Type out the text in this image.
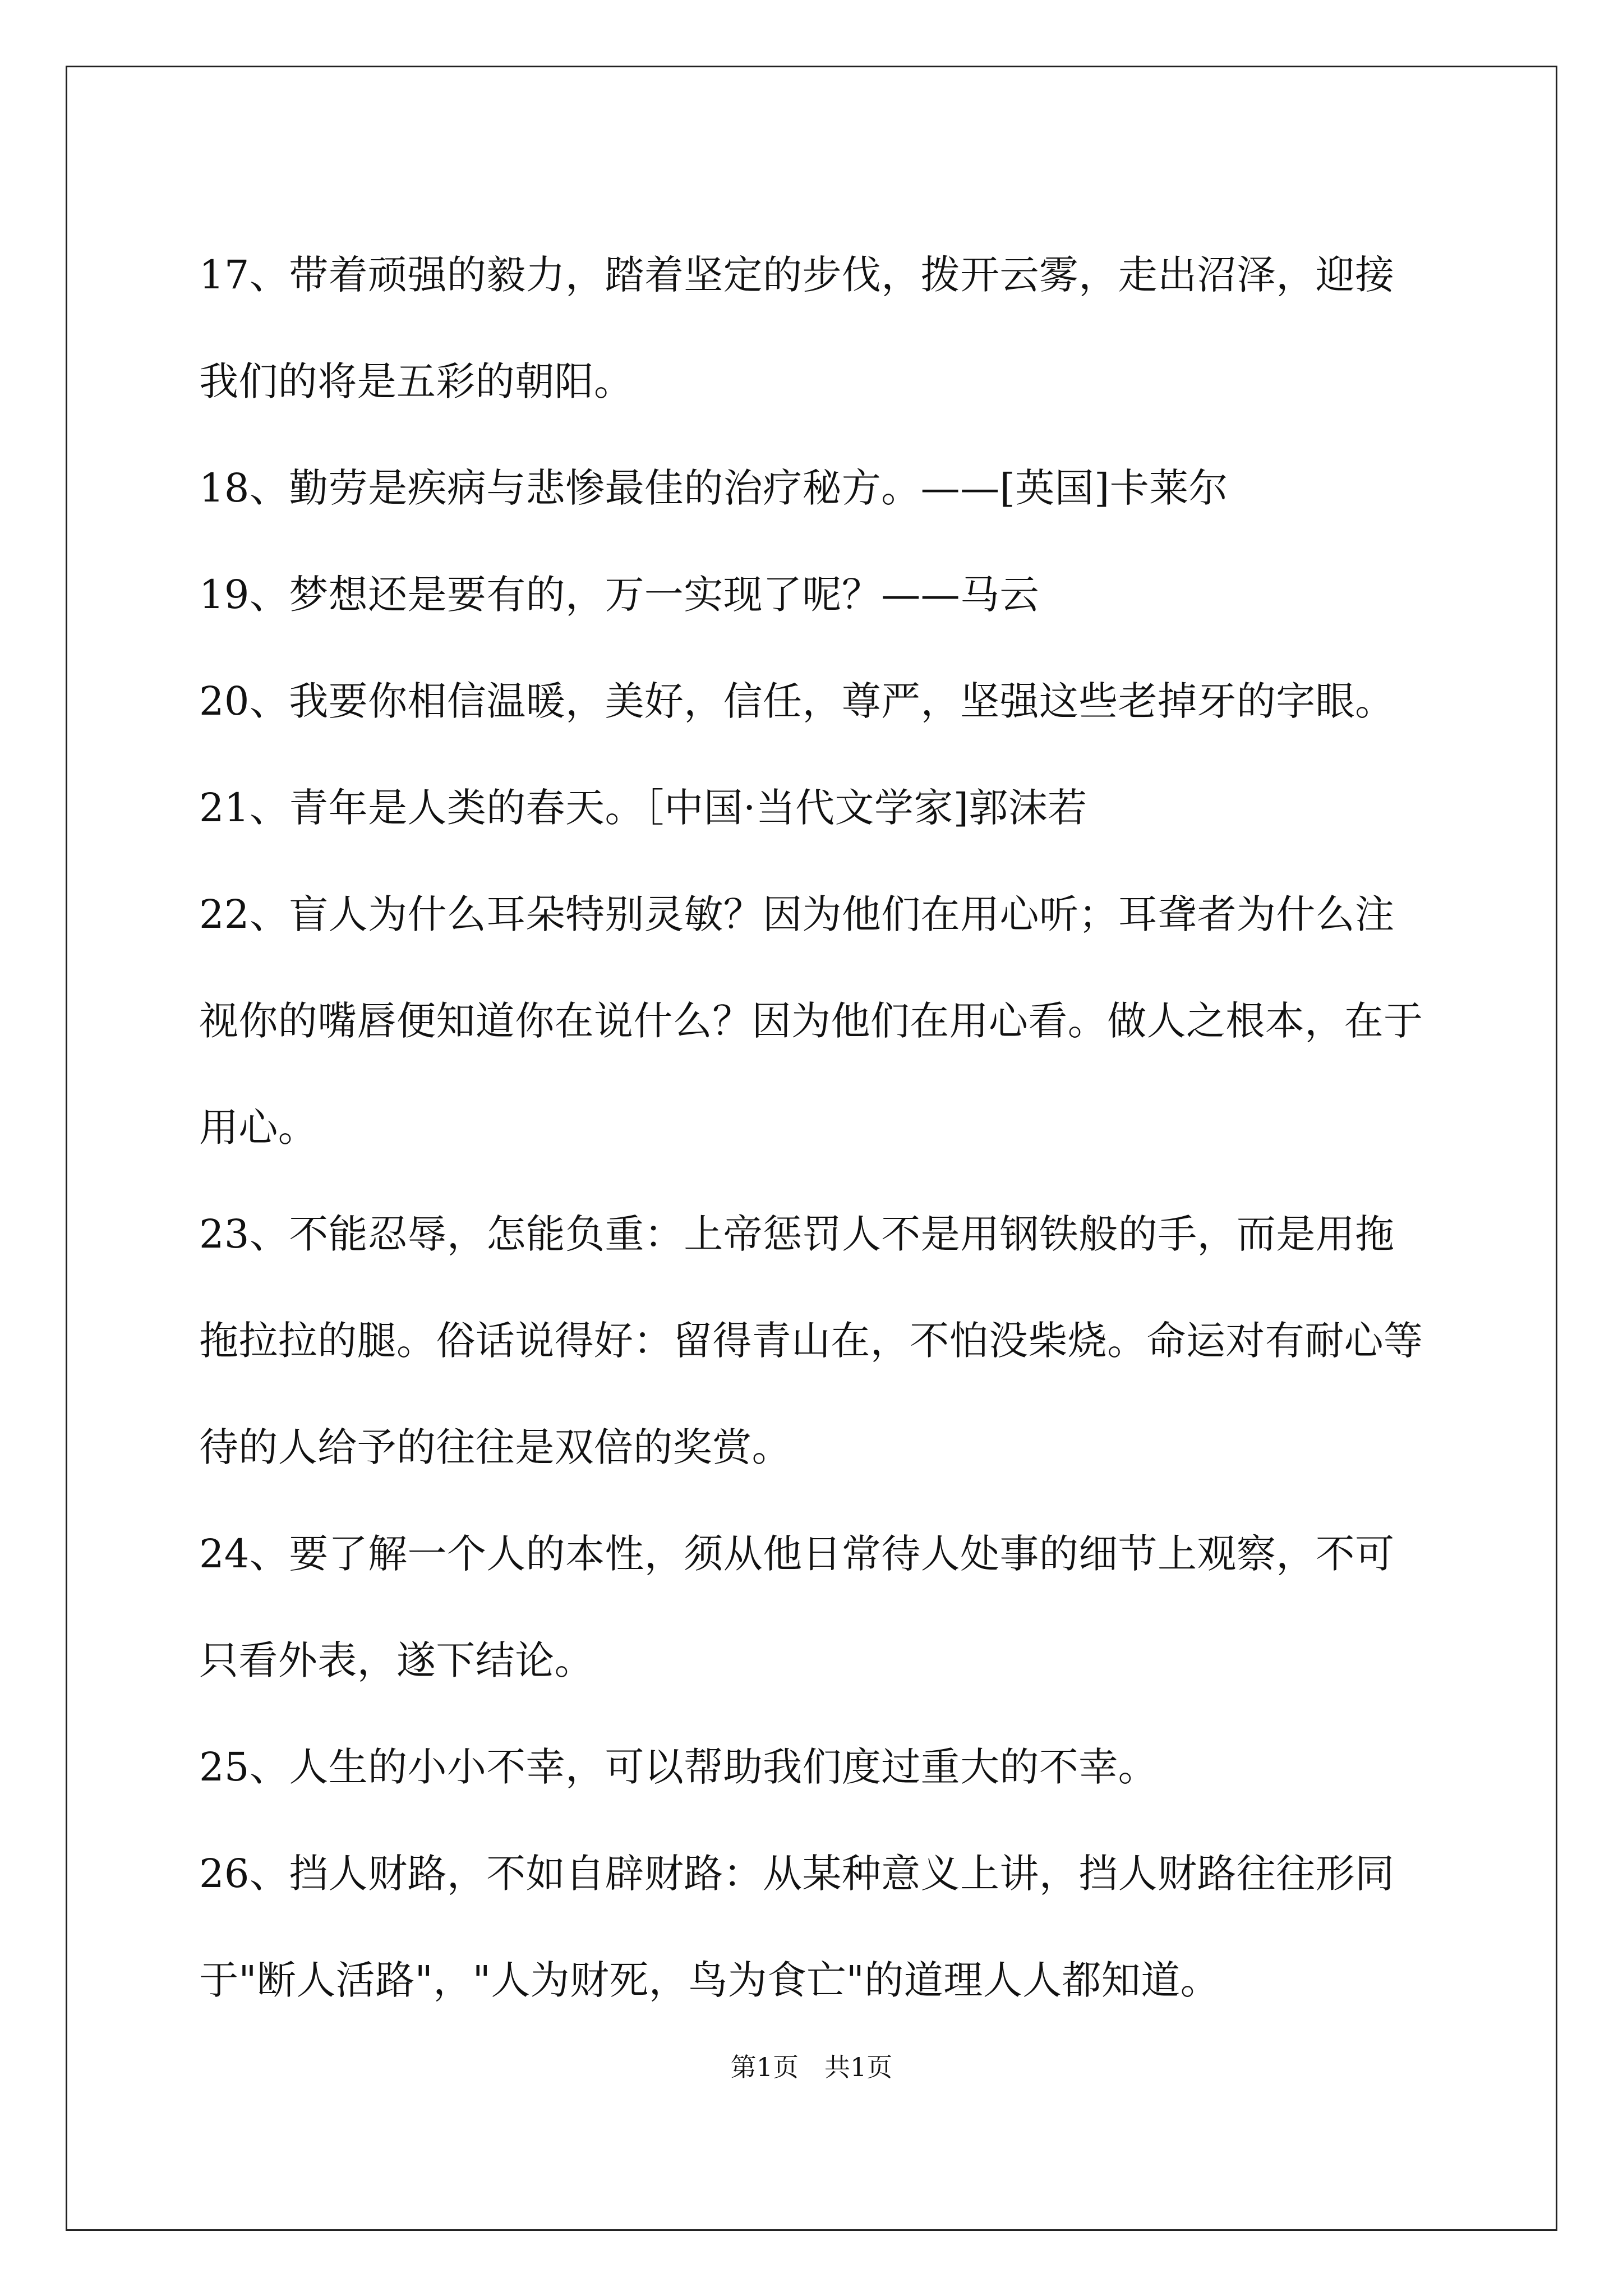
17、带着顽强的毅力，踏着坚定的步伐，拨开云雾，走出沼泽，迎接我们的将是五彩的朝阳。

18、勤劳是疾病与悲惨最佳的治疗秘方。——[英国]卡莱尔

19、梦想还是要有的，万一实现了呢？——马云

20、我要你相信温暖，美好，信任，尊严，坚强这些老掉牙的字眼。

21、青年是人类的春天。［中国·当代文学家]郭沫若

22、盲人为什么耳朵特别灵敏？因为他们在用心听；耳聋者为什么注视你的嘴唇便知道你在说什么？因为他们在用心看。做人之根本，在于用心。

23、不能忍辱，怎能负重：上帝惩罚人不是用钢铁般的手，而是用拖拖拉拉的腿。俗话说得好：留得青山在，不怕没柴烧。命运对有耐心等待的人给予的往往是双倍的奖赏。

24、要了解一个人的本性，须从他日常待人处事的细节上观察，不可只看外表，遂下结论。

25、人生的小小不幸，可以帮助我们度过重大的不幸。

26、挡人财路，不如自辟财路：从某种意义上讲，挡人财路往往形同于"断人活路"，"人为财死，鸟为食亡"的道理人人都知道。

第1页　共1页
